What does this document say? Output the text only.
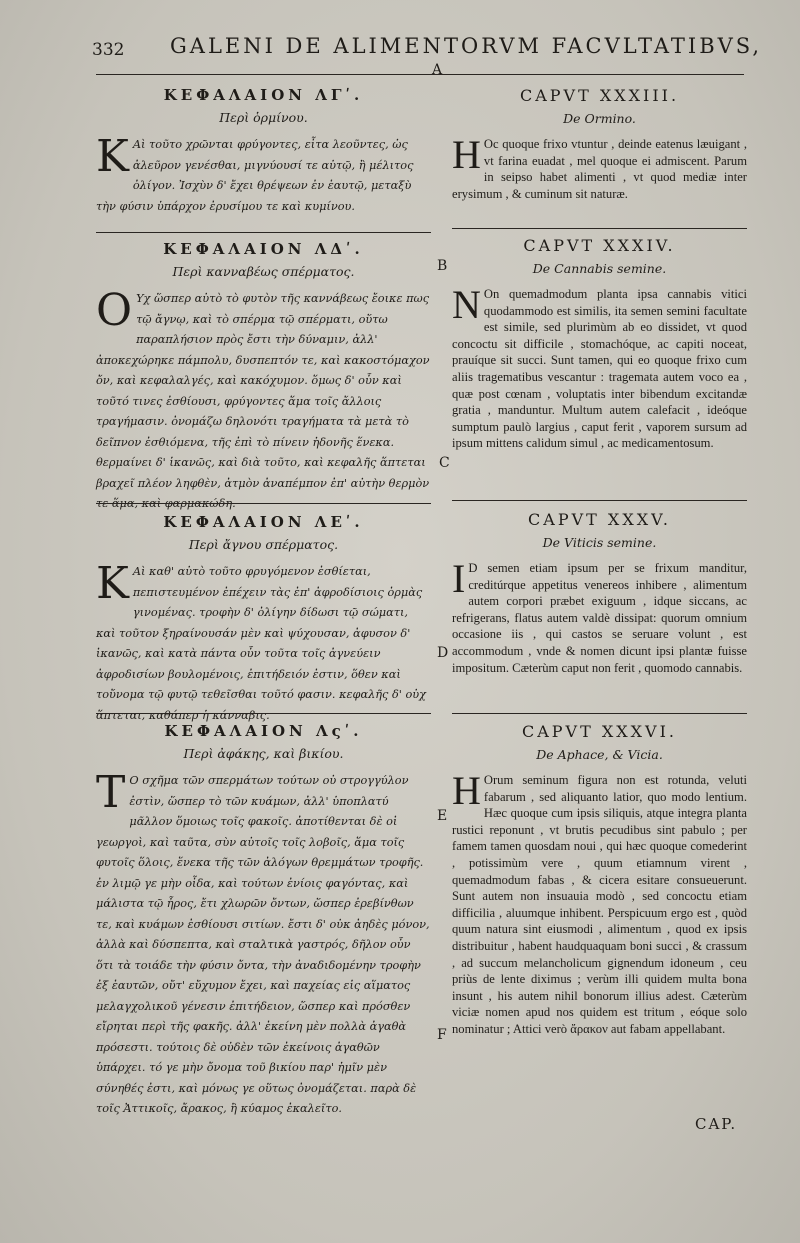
332 GALENI DE ALIMENTORVM FACVLTATIBVS,
A
ΚΕΦΑΛΑΙΟΝ ΛΓʹ.
Περὶ ὁρμίνου.

Κ Αὶ τοῦτο χρῶνται φρύγοντες, εἶτα λεοῦντες, ὡς ἀλεῦρον γενέσθαι, μιγνύουσί τε αὐτῷ, ἢ μέλιτος ὀλίγον. Ἰσχὺν δ' ἔχει θρέψεων ἐν ἑαυτῷ, μεταξὺ τὴν φύσιν ὑπάρχον ἐρυσίμου τε καὶ κυμίνου.

ΚΕΦΑΛΑΙΟΝ ΛΔʹ.
Περὶ κανναβέως σπέρματος.

Ο Υχ ὥσπερ αὐτὸ τὸ φυτὸν τῆς καννάβεως ἔοικε πως τῷ ἄγνῳ, καὶ τὸ σπέρμα τῷ σπέρματι, οὕτω παραπλήσιον πρὸς ἔστι τὴν δύναμιν, ἀλλ' ἀποκεχώρηκε πάμπολυ, δυσπεπτόν τε, καὶ κακοστόμαχον ὄν, καὶ κεφαλαλγές, καὶ κακόχυμον. ὅμως δ' οὖν καὶ τοῦτό τινες ἐσθίουσι, φρύγοντες ἅμα τοῖς ἄλλοις τραγήμασιν. ὀνομάζω δηλονότι τραγήματα τὰ μετὰ τὸ δεῖπνον ἐσθιόμενα, τῆς ἐπὶ τὸ πίνειν ἡδονῆς ἕνεκα. θερμαίνει δ' ἱκανῶς, καὶ διὰ τοῦτο, καὶ κεφαλῆς ἅπτεται βραχεῖ πλέον ληφθὲν, ἀτμὸν ἀναπέμπον ἐπ' αὐτὴν θερμὸν τε ἅμα, καὶ φαρμακώδη.

B
C
ΚΕΦΑΛΑΙΟΝ ΛΕʹ.
Περὶ ἄγνου σπέρματος.

Κ Αὶ καθ' αὐτὸ τοῦτο φρυγόμενον ἐσθίεται, πεπιστευμένον ἐπέχειν τὰς ἐπ' ἀφροδίσιοις ὁρμὰς γινομένας. τροφὴν δ' ὀλίγην δίδωσι τῷ σώματι, καὶ τοῦτον ξηραίνουσάν μὲν καὶ ψύχουσαν, ἀφυσον δ' ἱκανῶς, καὶ κατὰ πάντα οὖν τοῦτα τοῖς ἀγνεύειν ἀφροδισίων βουλομένοις, ἐπιτήδειόν ἐστιν, ὅθεν καὶ τοὔνομα τῷ φυτῷ τεθεῖσθαι τοῦτό φασιν. κεφαλῆς δ' οὐχ ἅπτεται, καθάπερ ἡ κάνναβις.

D
ΚΕΦΑΛΑΙΟΝ Λςʹ.
Περὶ ἀφάκης, καὶ βικίου.

Τ Ο σχῆμα τῶν σπερμάτων τούτων οὐ στρογγύλον ἐστὶν, ὥσπερ τὸ τῶν κυάμων, ἀλλ' ὑποπλατύ μᾶλλον ὅμοιως τοῖς φακοῖς. ἀποτίθενται δὲ οἱ γεωργοὶ, καὶ ταῦτα, σὺν αὐτοῖς τοῖς λοβοῖς, ἅμα τοῖς φυτοῖς ὅλοις, ἕνεκα τῆς τῶν ἀλόγων θρεμμάτων τροφῆς. ἐν λιμῷ γε μὴν οἶδα, καὶ τούτων ἐνίοις φαγόντας, καὶ μάλιστα τῷ ἦρος, ἔτι χλωρῶν ὄντων, ὥσπερ ἐρεβίνθων τε, καὶ κυάμων ἐσθίουσι σιτίων. ἔστι δ' οὐκ ἀηδὲς μόνον, ἀλλὰ καὶ δύσπεπτα, καὶ σταλτικὰ γαστρός, δῆλον οὖν ὅτι τὰ τοιάδε τὴν φύσιν ὄντα, τὴν ἀναδιδομένην τροφὴν ἐξ ἑαυτῶν, οὔτ' εὔχυμον ἔχει, καὶ παχείας εἰς αἵματος μελαγχολικοῦ γένεσιν ἐπιτήδειον, ὥσπερ καὶ πρόσθεν εἴρηται περὶ τῆς φακῆς. ἀλλ' ἐκείνη μὲν πολλὰ ἀγαθὰ πρόσεστι. τούτοις δὲ οὐδὲν τῶν ἐκείνοις ἀγαθῶν ὑπάρχει. τό γε μὴν ὄνομα τοῦ βικίου παρ' ἡμῖν μὲν σύνηθές ἐστι, καὶ μόνως γε οὕτως ὀνομάζεται. παρὰ δὲ τοῖς Ἀττικοῖς, ἄρακος, ἢ κύαμος ἐκαλεῖτο.

E
F
CAPVT XXXIII.
De Ormino.

H Oc quoque frixo vtuntur , deinde eatenus læuigant , vt farina euadat , mel quoque ei admiscent. Parum in seipso habet alimenti , vt quod mediæ inter erysimum , & cuminum sit naturæ.

CAPVT XXXIV.
De Cannabis semine.

N On quemadmodum planta ipsa cannabis vitici quodammodo est similis, ita semen semini facultate est simile, sed plurimùm ab eo dissidet, vt quod concoctu sit difficile , stomachóque, ac capiti noceat, prauíque sit succi. Sunt tamen, qui eo quoque frixo cum aliis tragematibus vescantur : tragemata autem voco ea , quæ post cœnam , voluptatis inter bibendum excitandæ gratia , manduntur. Multum autem calefacit , ideóque sumptum paulò largius , caput ferit , vaporem sursum ad ipsum mittens calidum simul , ac medicamentosum.

CAPVT XXXV.
De Viticis semine.

I D semen etiam ipsum per se frixum manditur, creditúrque appetitus venereos inhibere , alimentum autem corpori præbet exiguum , idque siccans, ac refrigerans, flatus autem valdè dissipat: quorum omnium occasione iis , qui castos se seruare volunt , est accommodum , vnde & nomen dicunt ipsi plantæ fuisse impositum. Cæterùm caput non ferit , quomodo cannabis.

CAPVT XXXVI.
De Aphace, & Vicia.

H Orum seminum figura non est rotunda, veluti fabarum , sed aliquanto latior, quo modo lentium. Hæc quoque cum ipsis siliquis, atque integra planta rustici reponunt , vt brutis pecudibus sint pabulo ; per famem tamen quosdam noui , qui hæc quoque comederint , potissimùm vere , quum etiamnum virent , quemadmodum fabas , & cicera esitare consueuerunt. Sunt autem non insuauia modò , sed concoctu etiam difficilia , aluumque inhibent. Perspicuum ergo est , quòd quum natura sint eiusmodi , alimentum , quod ex ipsis distribuitur , habent haudquaquam boni succi , & crassum , ad succum melancholicum gignendum idoneum , ceu priùs de lente diximus ; verùm illi quidem multa bona insunt , his autem nihil bonorum illius adest. Cæterùm viciæ nomen apud nos quidem est tritum , eóque solo nominatur ; Attici verò ἄρακον aut fabam appellabant.

CAP.
